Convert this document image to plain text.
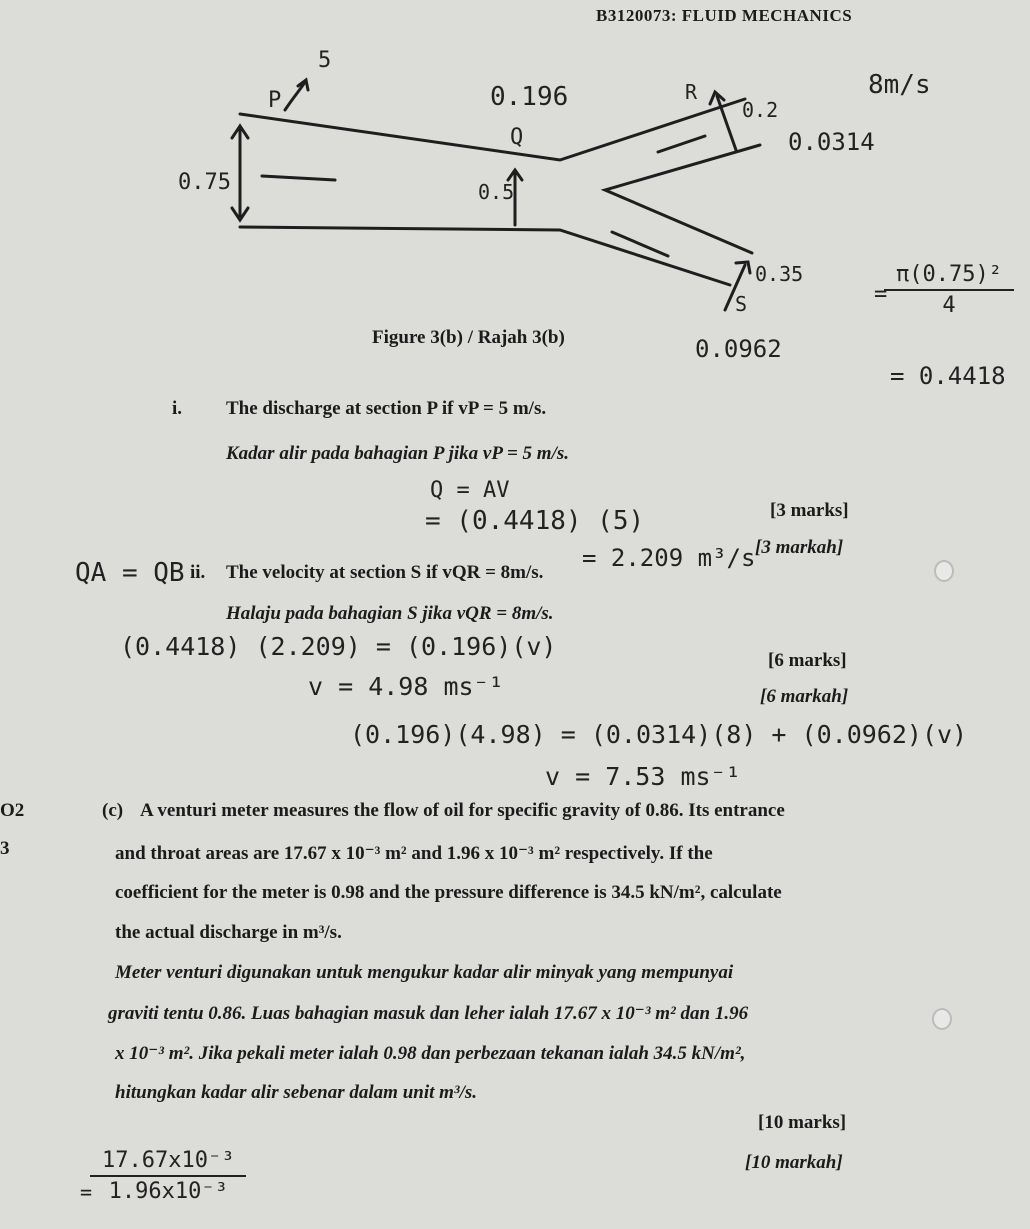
B3120073: FLUID MECHANICS
5
P
Q
R
S
0.75	0.5
0.196	0.2
0.35
0.0314
0.0962
8m/s
Figure 3(b) / Rajah 3(b)
= $\frac{\text{π(0.75)²}}{4}$
= 0.4418
i. The discharge at section P if vP = 5 m/s.
Kadar alir pada bahagian P jika vP = 5 m/s.
Q = AV
[3 marks]
= (0.4418) (5)
[3 markah]
= 2.209 m³/s
QA = QB ii. The velocity at section S if vQR = 8m/s.
Halaju pada bahagian S jika vQR = 8m/s.
(0.4418) (2.209) = (0.196)(v)	[6 marks]
v = 4.98 ms⁻¹	[6 markah]
(0.196)(4.98) = (0.0314)(8) + (0.0962)(v)
v = 7.53 ms⁻¹
O2
3
(c) A venturi meter measures the flow of oil for specific gravity of 0.86. Its entrance
and throat areas are 17.67 x 10⁻³ m² and 1.96 x 10⁻³ m² respectively. If the
coefficient for the meter is 0.98 and the pressure difference is 34.5 kN/m², calculate
the actual discharge in m³/s.
Meter venturi digunakan untuk mengukur kadar alir minyak yang mempunyai
graviti tentu 0.86. Luas bahagian masuk dan leher ialah 17.67 x 10⁻³ m² dan 1.96
x 10⁻³ m². Jika pekali meter ialah 0.98 dan perbezaan tekanan ialah 34.5 kN/m²,
hitungkan kadar alir sebenar dalam unit m³/s.
[10 marks]
[10 markah]
= $\frac{\text{17.67x10⁻³}}{\text{1.96x10⁻³}}$
